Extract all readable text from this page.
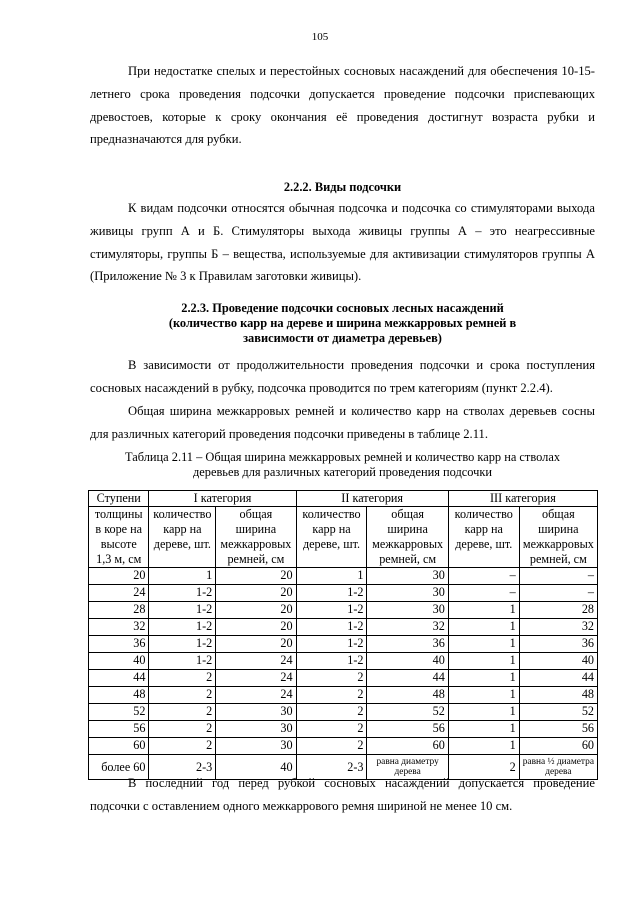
105
При недостатке спелых и перестойных сосновых насаждений для обеспечения 10-15-летнего срока проведения подсочки допускается проведение подсочки приспевающих древостоев, которые к сроку окончания её проведения достигнут возраста рубки и предназначаются для рубки.
2.2.2. Виды подсочки
К видам подсочки относятся обычная подсочка и подсочка со стимуляторами выхода живицы групп А и Б. Стимуляторы выхода живицы группы А – это неагрессивные стимуляторы, группы Б – вещества, используемые для активизации стимуляторов группы А (Приложение № 3 к Правилам заготовки живицы).
2.2.3. Проведение подсочки сосновых лесных насаждений
(количество карр на дереве и ширина межкарровых ремней в
зависимости от диаметра деревьев)
В зависимости от продолжительности проведения подсочки и срока поступления сосновых насаждений в рубку, подсочка проводится по трем категориям (пункт 2.2.4).
Общая ширина межкарровых ремней и количество карр на стволах деревьев сосны для различных категорий проведения подсочки приведены в таблице 2.11.
Таблица 2.11 – Общая ширина межкарровых ремней и количество карр на стволах
деревьев для различных категорий проведения подсочки
Ступени	I категория		II категория		III категория	
толщины в коре на высоте 1,3 м, см	количество карр на дереве, шт.	общая ширина межкарровых ремней, см	количество карр на дереве, шт.	общая ширина межкарровых ремней, см	количество карр на дереве, шт.	общая ширина межкарровых ремней, см
20	1	20	1	30	–	–
24	1-2	20	1-2	30	–	–
28	1-2	20	1-2	30	1	28
32	1-2	20	1-2	32	1	32
36	1-2	20	1-2	36	1	36
40	1-2	24	1-2	40	1	40
44	2	24	2	44	1	44
48	2	24	2	48	1	48
52	2	30	2	52	1	52
56	2	30	2	56	1	56
60	2	30	2	60	1	60
более 60	2-3	40	2-3	равна диаметру дерева	2	равна ½ диаметра дерева
В последний год перед рубкой сосновых насаждений допускается проведение подсочки с оставлением одного межкаррового ремня шириной не менее 10 см.
